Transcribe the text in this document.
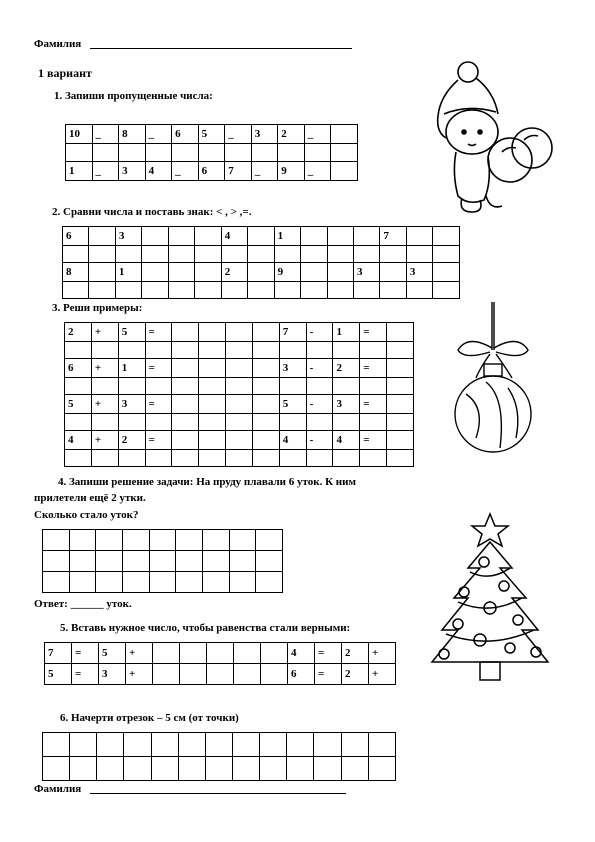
Фамилия
1 вариант
1. Запиши пропущенные числа:
10	_	8	_	6	5	_	3	2	_	

1	_	3	4	_	6	7	_	9	_	
2. Сравни числа и поставь знак: < , > ,=.
6		3				4		1				7		

8		1				2		9			3		3	

3. Реши примеры:
2	+	5	=					7	-	1	=	

6	+	1	=					3	-	2	=	

5	+	3	=					5	-	3	=	

4	+	2	=					4	-	4	=	

4. Запиши решение задачи: На пруду плавали 6 уток. К ним
прилетели ещё 2 утки.
Сколько стало уток?

Ответ: ______ уток.
5. Вставь нужное число, чтобы равенства стали верными:
7	=	5	+						4	=	2	+
5	=	3	+						6	=	2	+
6. Начерти отрезок – 5 см (от точки)

Фамилия
